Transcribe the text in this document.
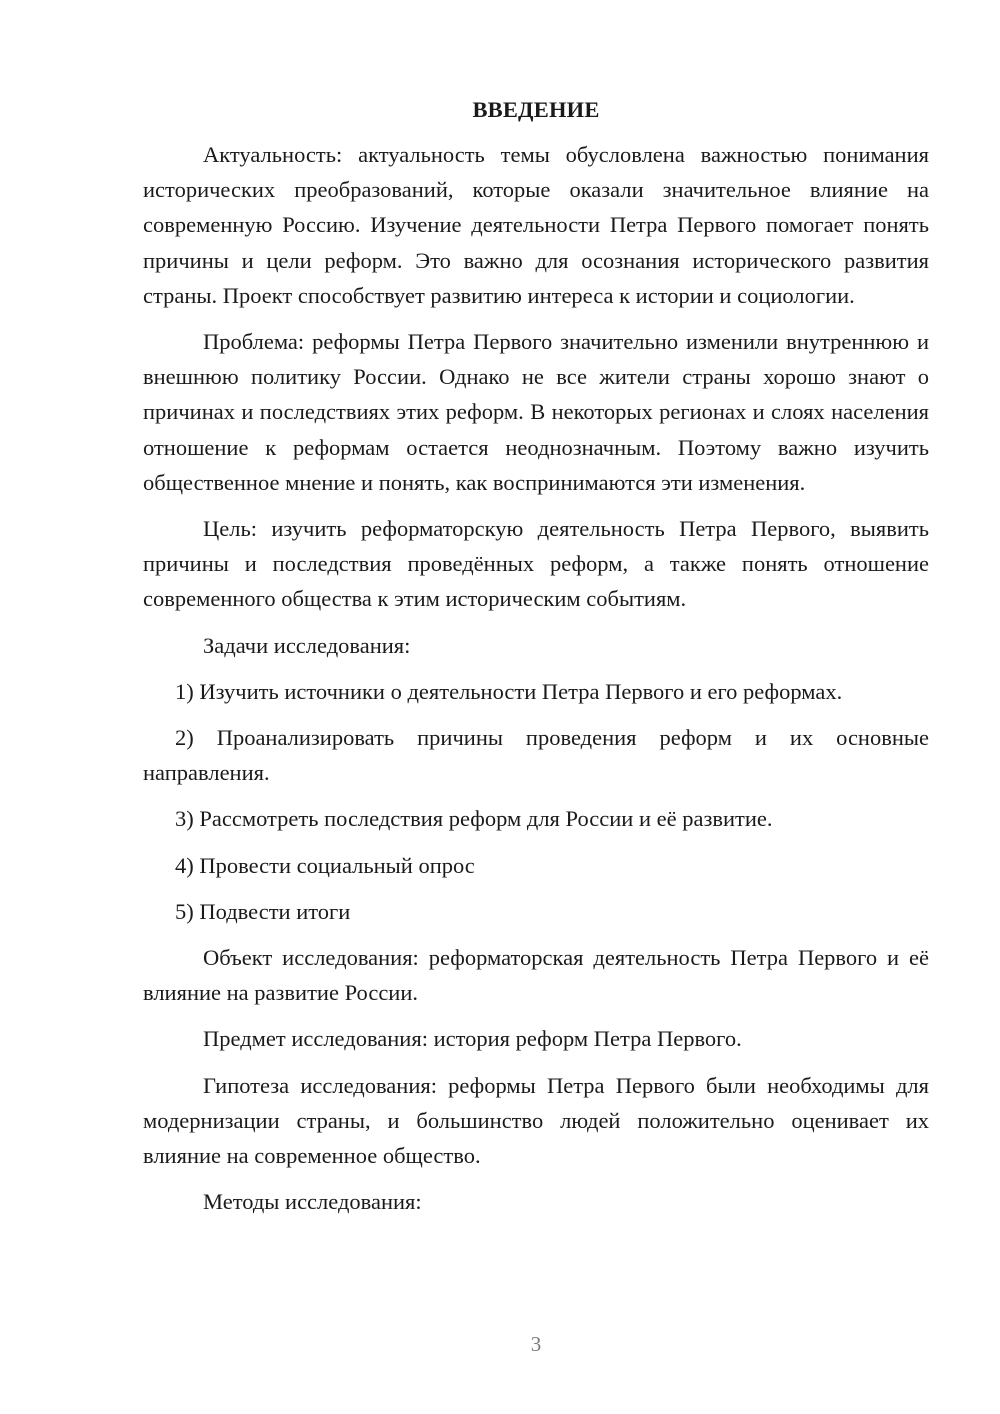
ВВЕДЕНИЕ

Актуальность: актуальность темы обусловлена важностью понимания исторических преобразований, которые оказали значительное влияние на современную Россию. Изучение деятельности Петра Первого помогает понять причины и цели реформ. Это важно для осознания исторического развития страны. Проект способствует развитию интереса к истории и социологии.

Проблема: реформы Петра Первого значительно изменили внутреннюю и внешнюю политику России. Однако не все жители страны хорошо знают о причинах и последствиях этих реформ. В некоторых регионах и слоях населения отношение к реформам остается неоднозначным. Поэтому важно изучить общественное мнение и понять, как воспринимаются эти изменения.

Цель: изучить реформаторскую деятельность Петра Первого, выявить причины и последствия проведённых реформ, а также понять отношение современного общества к этим историческим событиям.

Задачи исследования:

1) Изучить источники о деятельности Петра Первого и его реформах.

2) Проанализировать причины проведения реформ и их основные направления.

3) Рассмотреть последствия реформ для России и её развитие.

4) Провести социальный опрос

5) Подвести итоги

Объект исследования: реформаторская деятельность Петра Первого и её влияние на развитие России.

Предмет исследования: история реформ Петра Первого.

Гипотеза исследования: реформы Петра Первого были необходимы для модернизации страны, и большинство людей положительно оценивает их влияние на современное общество.

Методы исследования:

3
